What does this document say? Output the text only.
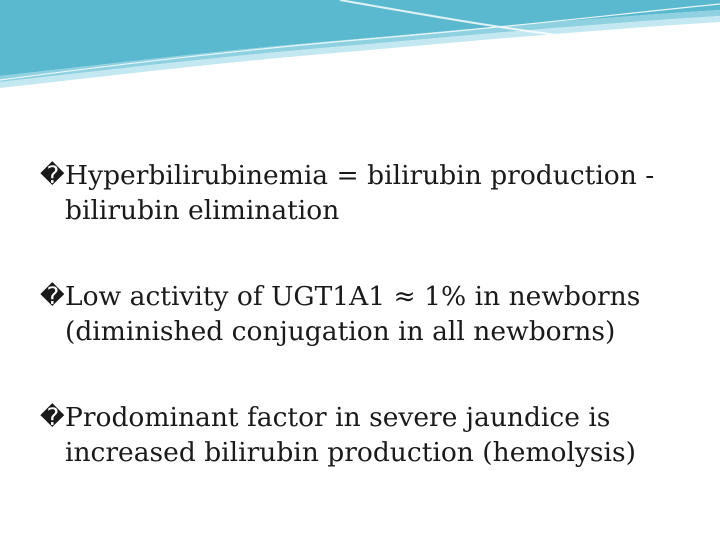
� Hyperbilirubinemia = bilirubin production - bilirubin elimination
� Low activity of UGT1A1 ≈ 1% in newborns (diminished conjugation in all newborns)
� Prodominant factor in severe jaundice is increased bilirubin production (hemolysis)
